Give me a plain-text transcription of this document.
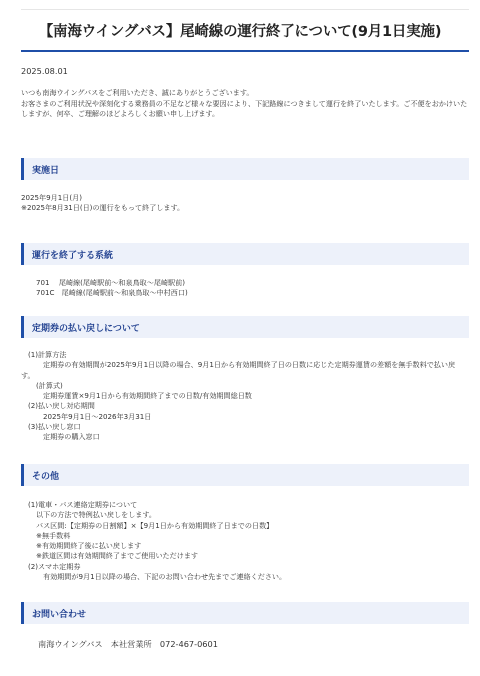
【南海ウイングバス】尾崎線の運行終了について(9月1日実施)
2025.08.01
いつも南海ウイングバスをご利用いただき、誠にありがとうございます。
お客さまのご利用状況や深刻化する乗務員の不足など様々な要因により、下記路線につきまして運行を終了いたします。ご不便をおかけいた
しますが、何卒、ご理解のほどよろしくお願い申し上げます。
実施日
2025年9月1日(月)
※2025年8月31日(日)の運行をもって終了します。
運行を終了する系統
701　 尾崎線(尾崎駅前～和泉鳥取～尾崎駅前)
701C　尾崎線(尾崎駅前～和泉鳥取～中村西口)
定期券の払い戻しについて
(1)計算方法
定期券の有効期間が2025年9月1日以降の場合、9月1日から有効期間終了日の日数に応じた定期券運賃の差額を無手数料で払い戻
す。
(計算式)
定期券運賃×9月1日から有効期間終了までの日数/有効期間総日数
(2)払い戻し対応期間
2025年9月1日～2026年3月31日
(3)払い戻し窓口
定期券の購入窓口
その他
(1)電車・バス連絡定期券について
以下の方法で特例払い戻しをします。
バス区間:【定期券の日割額】×【9月1日から有効期間終了日までの日数】
※無手数料
※有効期間終了後に払い戻します
※鉄道区間は有効期間終了までご使用いただけます
(2)スマホ定期券
有効期間が9月1日以降の場合、下記のお問い合わせ先までご連絡ください。
お問い合わせ
南海ウイングバス　本社営業所　072-467-0601
